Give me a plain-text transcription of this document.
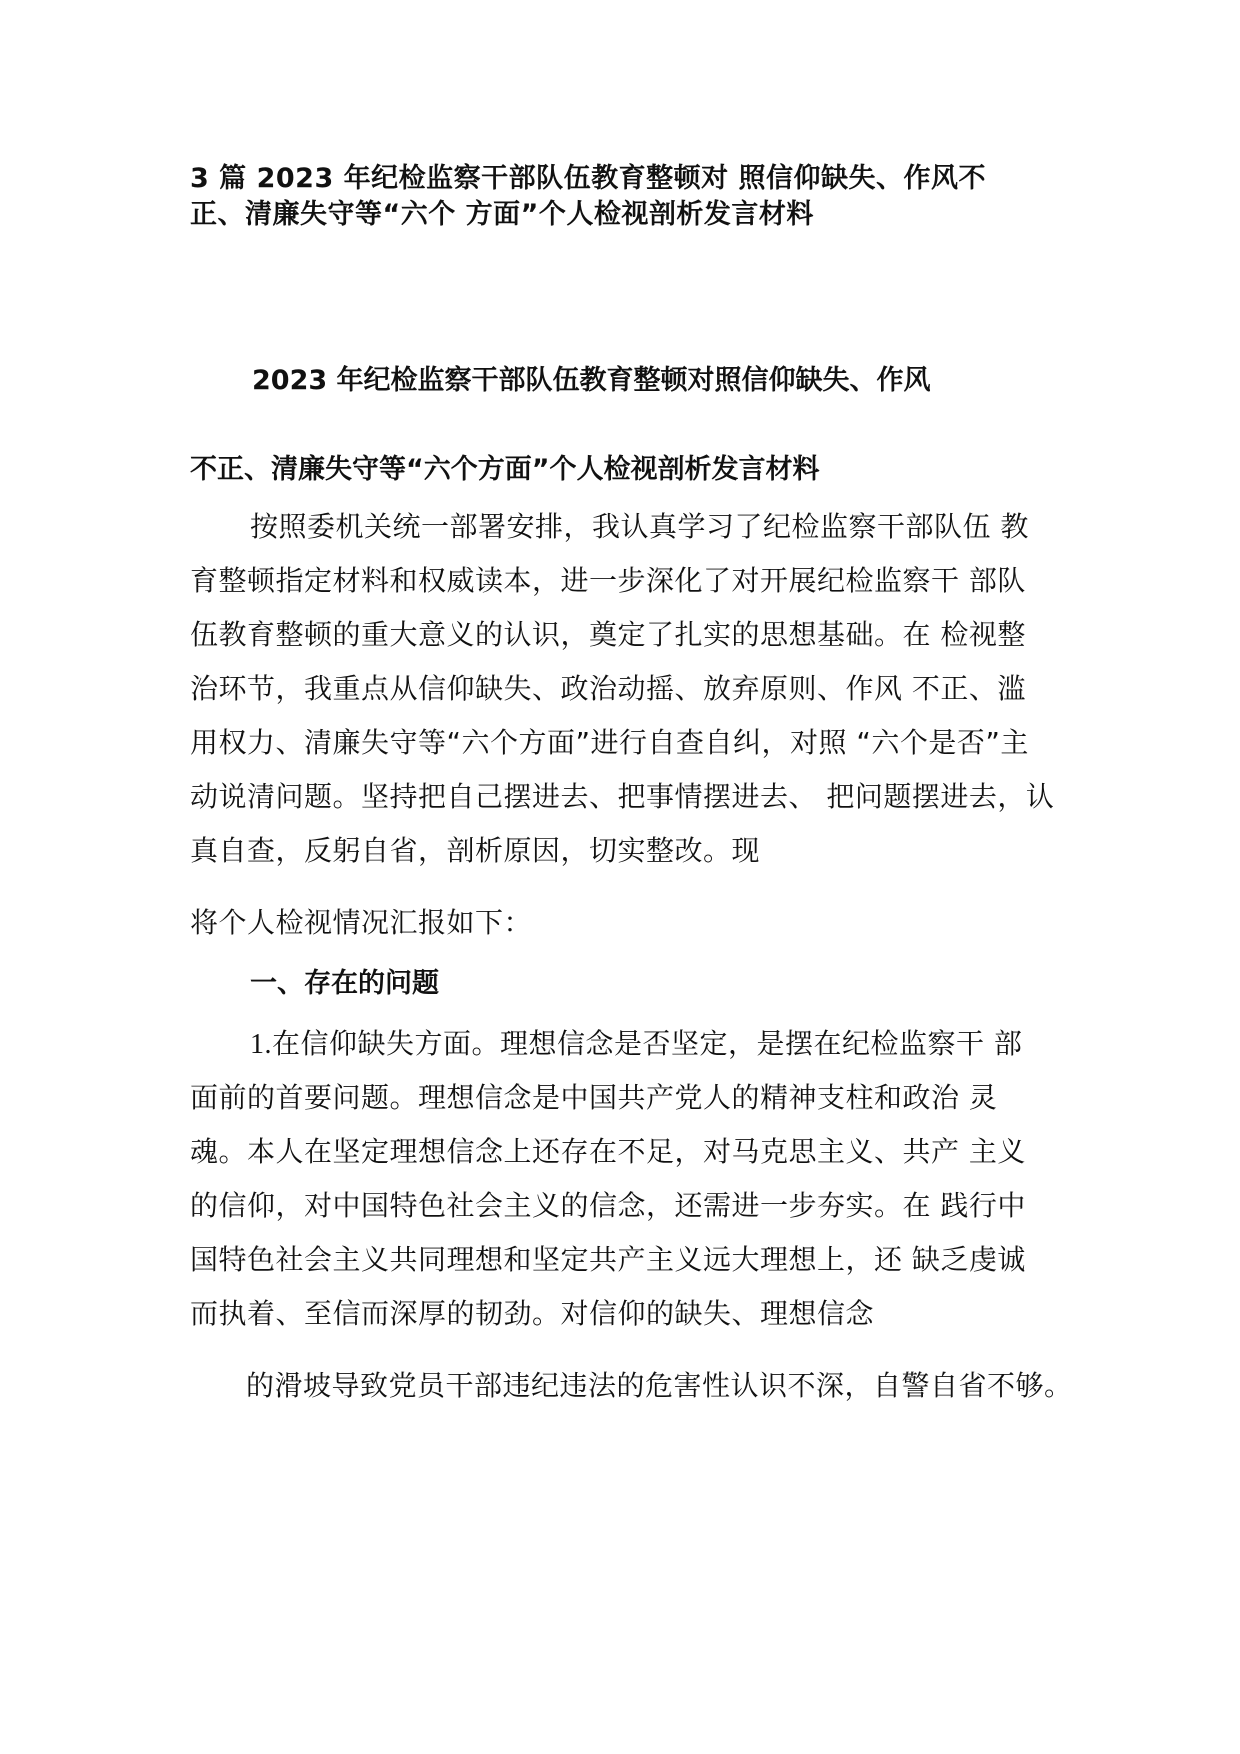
3 篇 2023 年纪检监察干部队伍教育整顿对 照信仰缺失、作风不
正、清廉失守等“六个 方面”个人检视剖析发言材料
2023 年纪检监察干部队伍教育整顿对照信仰缺失、作风
不正、清廉失守等“六个方面”个人检视剖析发言材料
按照委机关统一部署安排，我认真学习了纪检监察干部队伍 教
育整顿指定材料和权威读本，进一步深化了对开展纪检监察干 部队
伍教育整顿的重大意义的认识，奠定了扎实的思想基础。在 检视整
治环节，我重点从信仰缺失、政治动摇、放弃原则、作风 不正、滥
用权力、清廉失守等“六个方面”进行自查自纠，对照 “六个是否”主
动说清问题。坚持把自己摆进去、把事情摆进去、 把问题摆进去，认
真自查，反躬自省，剖析原因，切实整改。现
将个人检视情况汇报如下：
一、存在的问题
1.在信仰缺失方面。理想信念是否坚定，是摆在纪检监察干 部
面前的首要问题。理想信念是中国共产党人的精神支柱和政治 灵
魂。本人在坚定理想信念上还存在不足，对马克思主义、共产 主义
的信仰，对中国特色社会主义的信念，还需进一步夯实。在 践行中
国特色社会主义共同理想和坚定共产主义远大理想上，还 缺乏虔诚
而执着、至信而深厚的韧劲。对信仰的缺失、理想信念
的滑坡导致党员干部违纪违法的危害性认识不深，自警自省不够。
